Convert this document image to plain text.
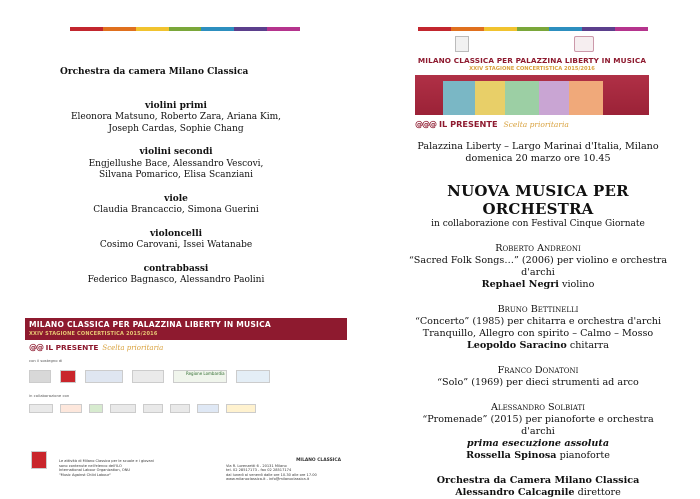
Orchestra da camera Milano Classica
violini primi
Eleonora Matsuno, Roberto Zara, Ariana Kim,
Joseph Cardas, Sophie Chang
violini secondi
Engjellushe Bace, Alessandro Vescovi,
Silvana Pomarico, Elisa Scanziani
viole
Claudia Brancaccio, Simona Guerini
violoncelli
Cosimo Carovani, Issei Watanabe
contrabbassi
Federico Bagnasco, Alessandro Paolini
MILANO CLASSICA PER PALAZZINA LIBERTY IN MUSICA
XXIV STAGIONE CONCERTISTICA 2015/2016
@@ IL PRESENTE Scelta prioritaria
con il sostegno di
Regione Lombardia
in collaborazione con
Le attività di Milano Classica per le scuole e i giovani
sono contenute nell'elenco dell'ILO
International Labour Organization, ONU
"Music Against Child Labour"
MILANO CLASSICA
Via R. Lorenzetti 6 - 20131 Milano
tel. 02 28517173 - fax 02 28517174
dal lunedì al venerdì dalle ore 10.30 alle ore 17.00
www.milanoclassica.it - info@milanoclassica.it
MILANO CLASSICA PER PALAZZINA LIBERTY IN MUSICA
XXIV STAGIONE CONCERTISTICA 2015/2016
@@@ IL PRESENTE Scelta prioritaria
Palazzina Liberty – Largo Marinai d'Italia, Milano
domenica 20 marzo ore 10.45
NUOVA MUSICA PER ORCHESTRA
in collaborazione con Festival Cinque Giornate
Roberto Andreoni
“Sacred Folk Songs…” (2006) per violino e orchestra d'archi
Rephael Negri violino
Bruno Bettinelli
“Concerto” (1985) per chitarra e orchestra d'archi
Tranquillo, Allegro con spirito – Calmo – Mosso
Leopoldo Saracino chitarra
Franco Donatoni
“Solo” (1969) per dieci strumenti ad arco
Alessandro Solbiati
“Promenade” (2015) per pianoforte e orchestra d'archi
prima esecuzione assoluta
Rossella Spinosa pianoforte
Orchestra da Camera Milano Classica
Alessandro Calcagnile direttore
